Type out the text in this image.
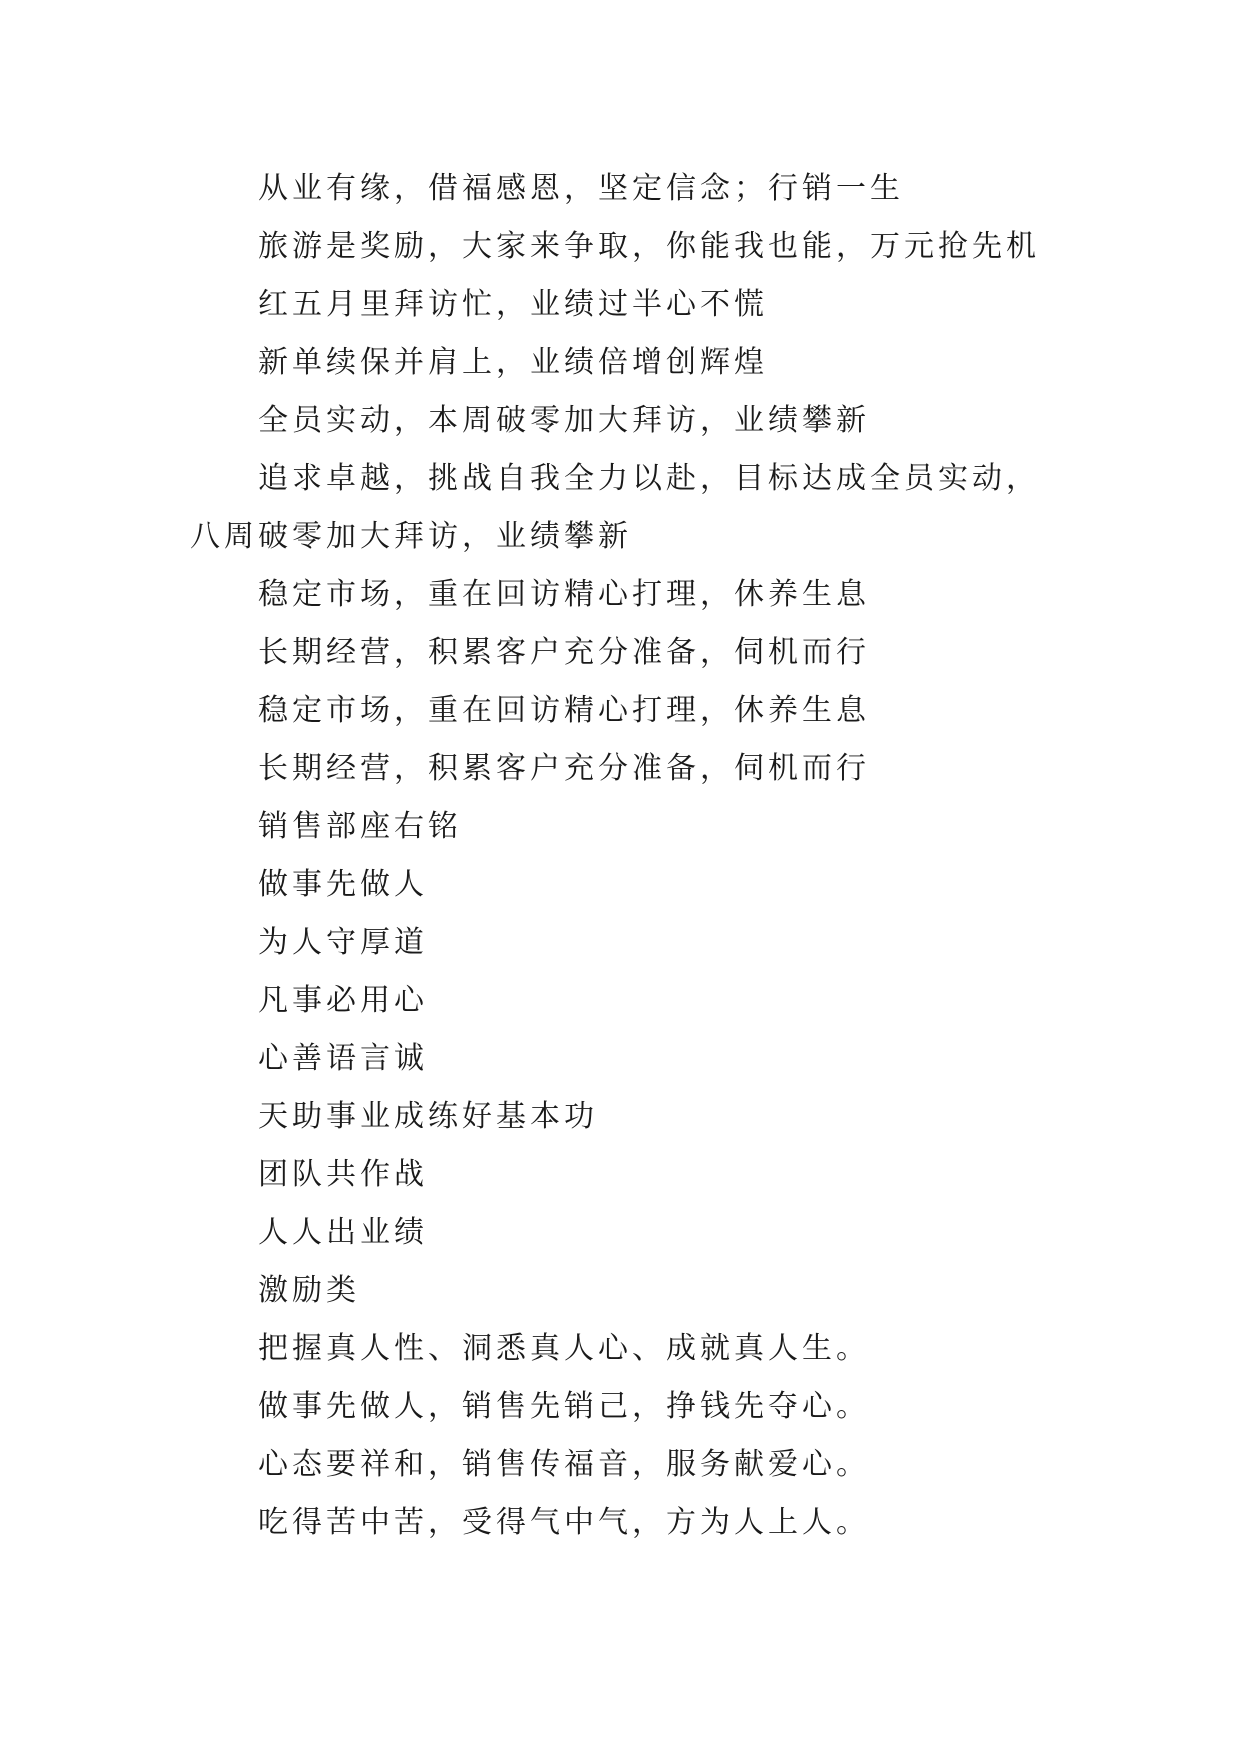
从业有缘，借福感恩，坚定信念；行销一生

旅游是奖励，大家来争取，你能我也能，万元抢先机

红五月里拜访忙，业绩过半心不慌

新单续保并肩上，业绩倍增创辉煌

全员实动，本周破零加大拜访，业绩攀新

追求卓越，挑战自我全力以赴，目标达成全员实动，八周破零加大拜访，业绩攀新

稳定市场，重在回访精心打理，休养生息

长期经营，积累客户充分准备，伺机而行

稳定市场，重在回访精心打理，休养生息

长期经营，积累客户充分准备，伺机而行

销售部座右铭

做事先做人

为人守厚道

凡事必用心

心善语言诚

天助事业成练好基本功

团队共作战

人人出业绩

激励类

把握真人性、洞悉真人心、成就真人生。

做事先做人，销售先销己，挣钱先夺心。

心态要祥和，销售传福音，服务献爱心。

吃得苦中苦，受得气中气，方为人上人。
